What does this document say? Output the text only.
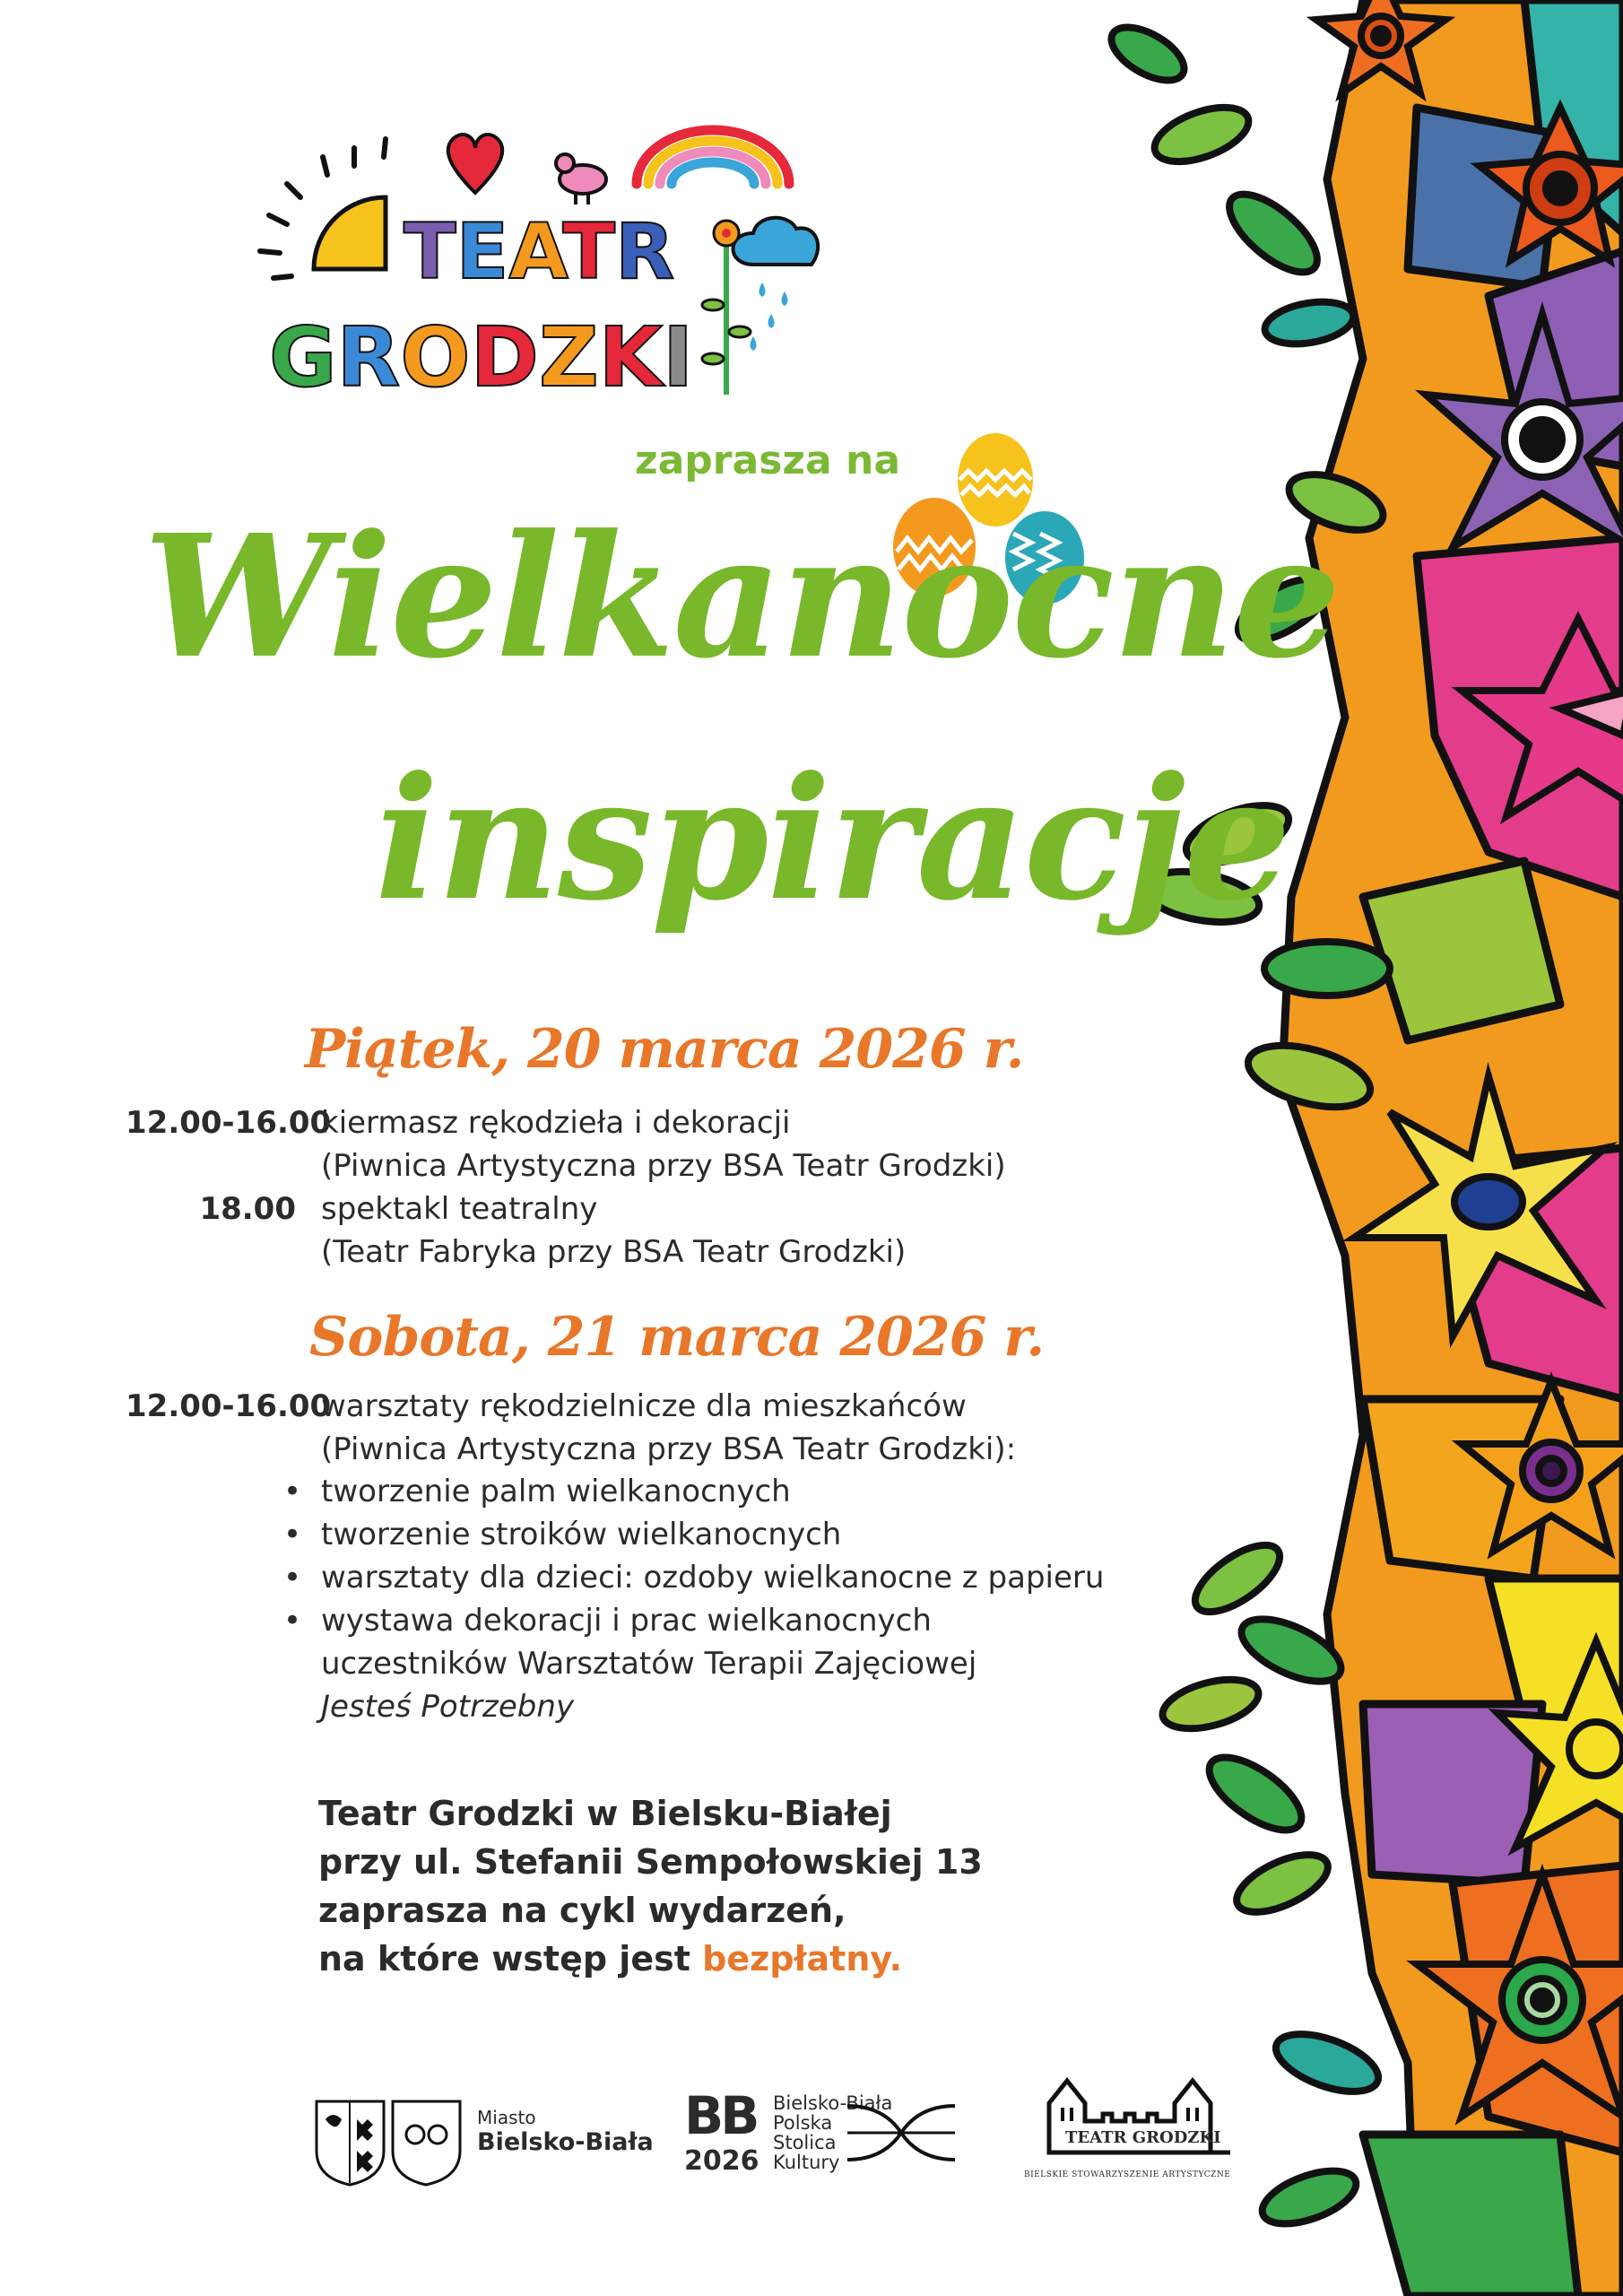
TEATR
GRODZKI
zaprasza na
Wielkanocne
inspiracje
Piątek, 20 marca 2026 r.
12.00-16.00
kiermasz rękodzieła i dekoracji
(Piwnica Artystyczna przy BSA Teatr Grodzki)
18.00 spektakl teatralny
(Teatr Fabryka przy BSA Teatr Grodzki)
Sobota, 21 marca 2026 r.
12.00-16.00
warsztaty rękodzielnicze dla mieszkańców
(Piwnica Artystyczna przy BSA Teatr Grodzki):
• tworzenie palm wielkanocnych
• tworzenie stroików wielkanocnych
• warsztaty dla dzieci: ozdoby wielkanocne z papieru
• wystawa dekoracji i prac wielkanocnych
uczestników Warsztatów Terapii Zajęciowej
Jesteś Potrzebny
Teatr Grodzki w Bielsku-Białej
przy ul. Stefanii Sempołowskiej 13
zaprasza na cykl wydarzeń,
na które wstęp jest bezpłatny.
Miasto
Bielsko-Biała BB
2026
Bielsko-Biała
Polska
Stolica
Kultury
TEATR GRODZKI
BIELSKIE STOWARZYSZENIE ARTYSTYCZNE
